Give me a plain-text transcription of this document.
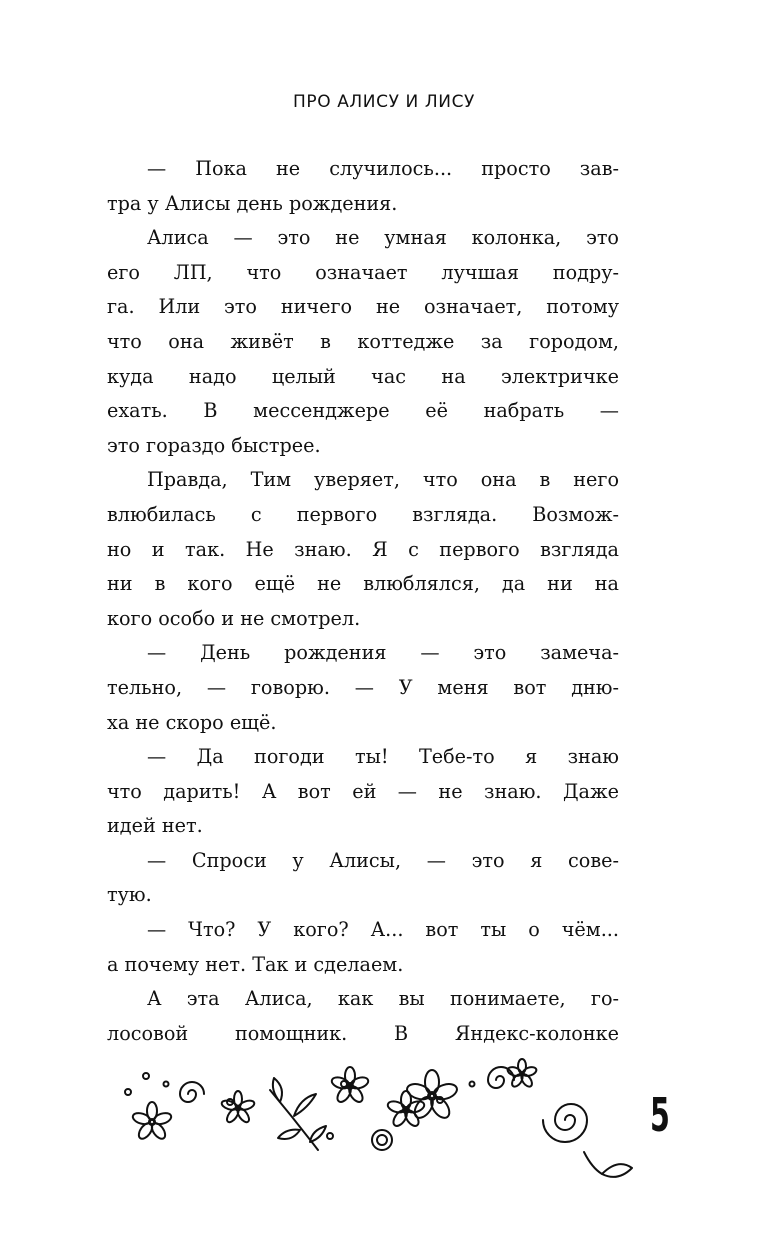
ПРО АЛИСУ И ЛИСУ
— Пока не случилось... просто зав-
тра у Алисы день рождения.
Алиса — это не умная колонка, это
его ЛП, что означает лучшая подру-
га. Или это ничего не означает, потому
что она живёт в коттедже за городом,
куда надо целый час на электричке
ехать. В мессенджере её набрать —
это гораздо быстрее.
Правда, Тим уверяет, что она в него
влюбилась с первого взгляда. Возмож-
но и так. Не знаю. Я с первого взгляда
ни в кого ещё не влюблялся, да ни на
кого особо и не смотрел.
— День рождения — это замеча-
тельно, — говорю. — У меня вот дню-
ха не скоро ещё.
— Да погоди ты! Тебе-то я знаю
что дарить! А вот ей — не знаю. Даже
идей нет.
— Спроси у Алисы, — это я сове-
тую.
— Что? У кого? А... вот ты о чём...
а почему нет. Так и сделаем.
А эта Алиса, как вы понимаете, го-
лосовой помощник. В Яндекс-колонке
5
